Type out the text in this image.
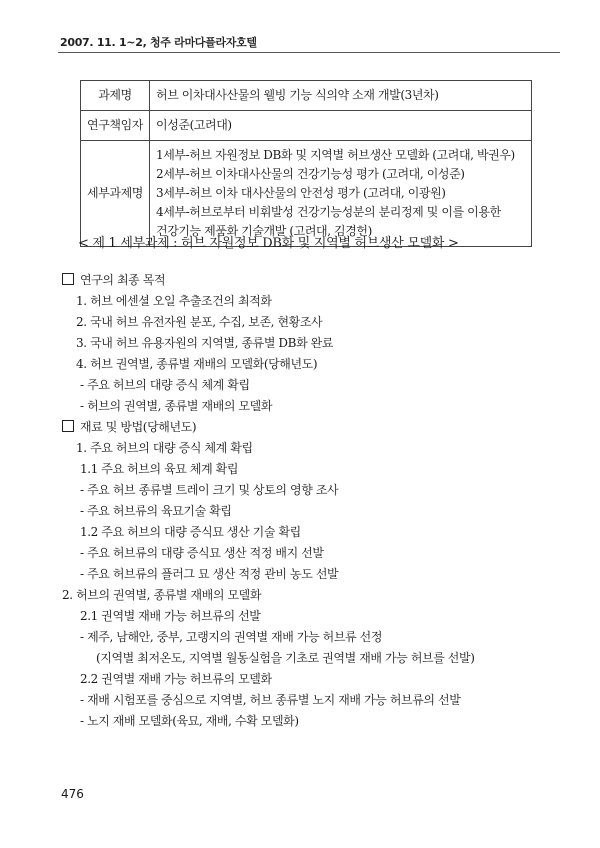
2007. 11. 1~2, 청주 라마다플라자호텔
과제명	허브 이차대사산물의 웰빙 기능 식의약 소재 개발(3년차)

연구책임자	이성준(고려대)

세부과제명	1세부-허브 자원정보 DB화 및 지역별 허브생산 모델화 (고려대, 박권우)
2세부-허브 이차대사산물의 건강기능성 평가 (고려대, 이성준)
3세부-허브 이차 대사산물의 안전성 평가 (고려대, 이광원)
4세부-허브로부터 비휘발성 건강기능성분의 분리정제 및 이를 이용한
건강기능 제품화 기술개발 (고려대, 김경헌)
< 제 1 세부과제 : 허브 자원정보 DB화 및 지역별 허브생산 모델화 >
연구의 최종 목적
1. 허브 에센셜 오일 추출조건의 최적화
2. 국내 허브 유전자원 분포, 수집, 보존, 현황조사
3. 국내 허브 유용자원의 지역별, 종류별 DB화 완료
4. 허브 권역별, 종류별 재배의 모델화(당해년도)
- 주요 허브의 대량 증식 체계 확립
- 허브의 권역별, 종류별 재배의 모델화
재료 및 방법(당해년도)
1. 주요 허브의 대량 증식 체계 확립
1.1 주요 허브의 육묘 체계 확립
- 주요 허브 종류별 트레이 크기 및 상토의 영향 조사
- 주요 허브류의 육묘기술 확립
1.2 주요 허브의 대량 증식묘 생산 기술 확립
- 주요 허브류의 대량 증식묘 생산 적정 배지 선발
- 주요 허브류의 플러그 묘 생산 적정 관비 농도 선발
2. 허브의 권역별, 종류별 재배의 모델화
2.1 권역별 재배 가능 허브류의 선발
- 제주, 남해안, 중부, 고랭지의 권역별 재배 가능 허브류 선정
(지역별 최저온도, 지역별 월동실험을 기초로 권역별 재배 가능 허브를 선발)
2.2 권역별 재배 가능 허브류의 모델화
- 재배 시험포를 중심으로 지역별, 허브 종류별 노지 재배 가능 허브류의 선발
- 노지 재배 모델화(육묘, 재배, 수확 모델화)
476
